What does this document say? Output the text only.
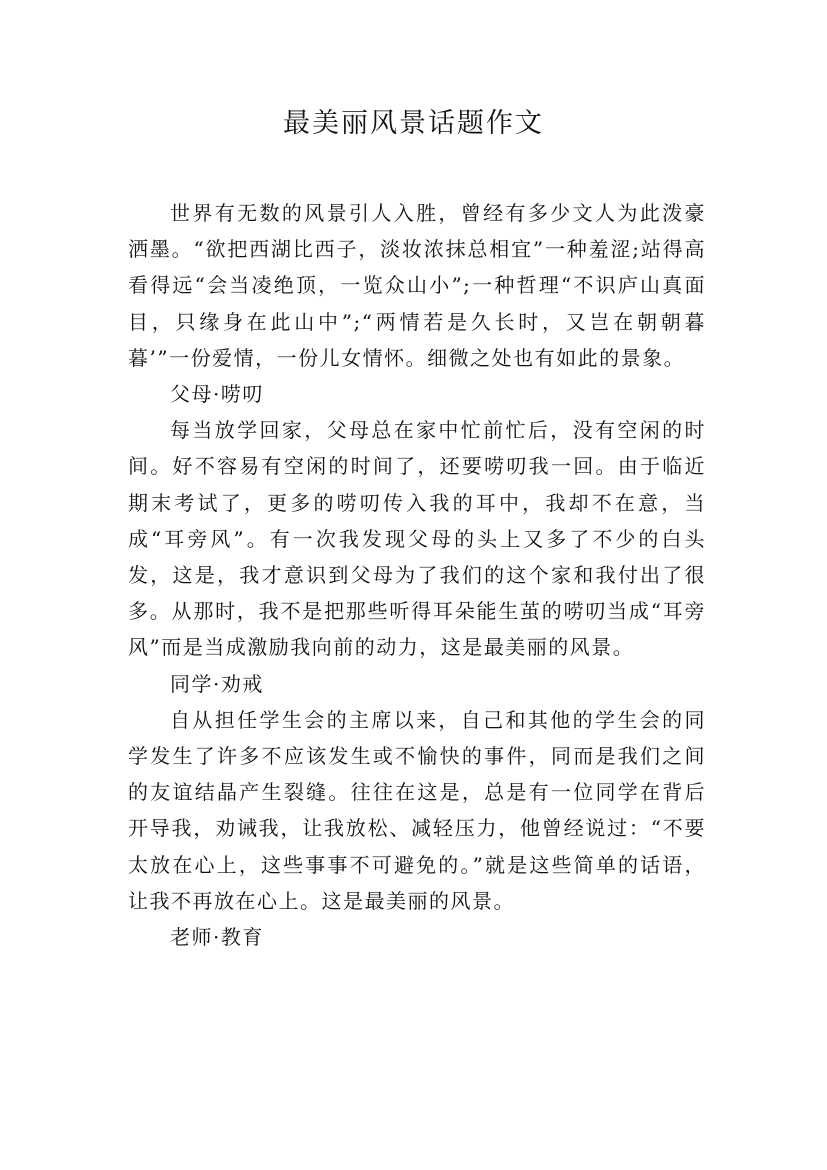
最美丽风景话题作文

世界有无数的风景引人入胜，曾经有多少文人为此泼豪洒墨。“欲把西湖比西子，淡妆浓抹总相宜”一种羞涩;站得高看得远“会当凌绝顶，一览众山小”;一种哲理“不识庐山真面目，只缘身在此山中”;“两情若是久长时，又岂在朝朝暮暮’”一份爱情，一份儿女情怀。细微之处也有如此的景象。

父母·唠叨

每当放学回家，父母总在家中忙前忙后，没有空闲的时间。好不容易有空闲的时间了，还要唠叨我一回。由于临近期末考试了，更多的唠叨传入我的耳中，我却不在意，当成“耳旁风”。有一次我发现父母的头上又多了不少的白头发，这是，我才意识到父母为了我们的这个家和我付出了很多。从那时，我不是把那些听得耳朵能生茧的唠叨当成“耳旁风”而是当成激励我向前的动力，这是最美丽的风景。

同学·劝戒

自从担任学生会的主席以来，自己和其他的学生会的同学发生了许多不应该发生或不愉快的事件，同而是我们之间的友谊结晶产生裂缝。往往在这是，总是有一位同学在背后开导我，劝诫我，让我放松、减轻压力，他曾经说过：“不要太放在心上，这些事事不可避免的。”就是这些简单的话语，让我不再放在心上。这是最美丽的风景。

老师·教育
